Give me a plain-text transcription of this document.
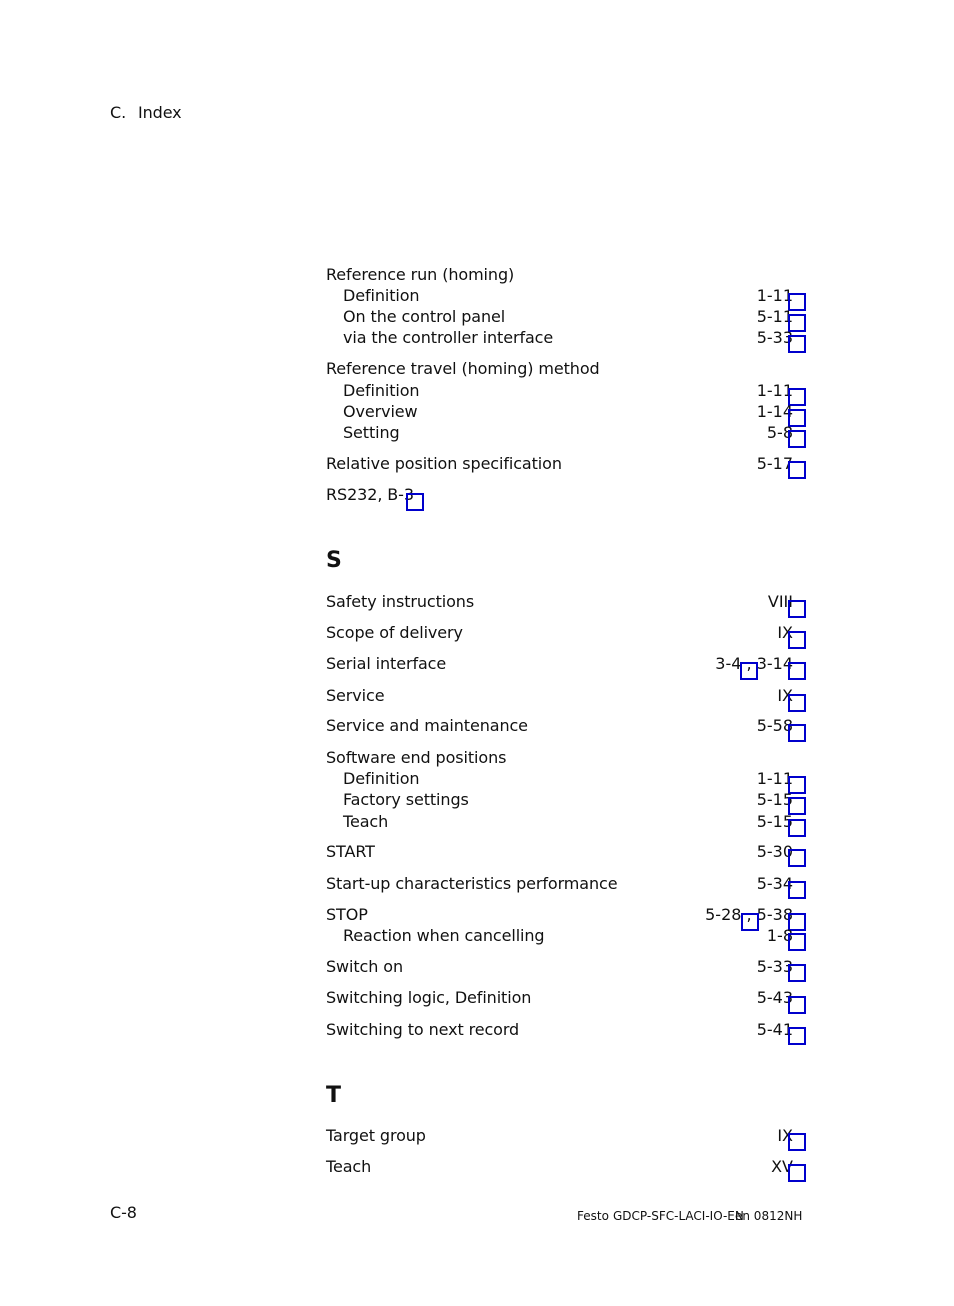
C. Index
Reference run (homing)
Definition	1-11
On the control panel	5-11
via the controller interface	5-33
Reference travel (homing) method
Definition	1-11
Overview	1-14
Setting	5-8
Relative position specification	5-17
RS232, B-3
S
Safety instructions	VIII
Scope of delivery	IX
Serial interface	3-4 , 3-14
Service	IX
Service and maintenance	5-58
Software end positions
Definition	1-11
Factory settings	5-15
Teach	5-15
START	5-30
Start-up characteristics performance	5-34
STOP	5-28 , 5-38
Reaction when cancelling	1-8
Switch on	5-33
Switching logic, Definition	5-43
Switching to next record	5-41
T
Target group	IX
Teach	XV
C-8	Festo GDCP-SFC-LACI-IO-EN
en 0812NH
